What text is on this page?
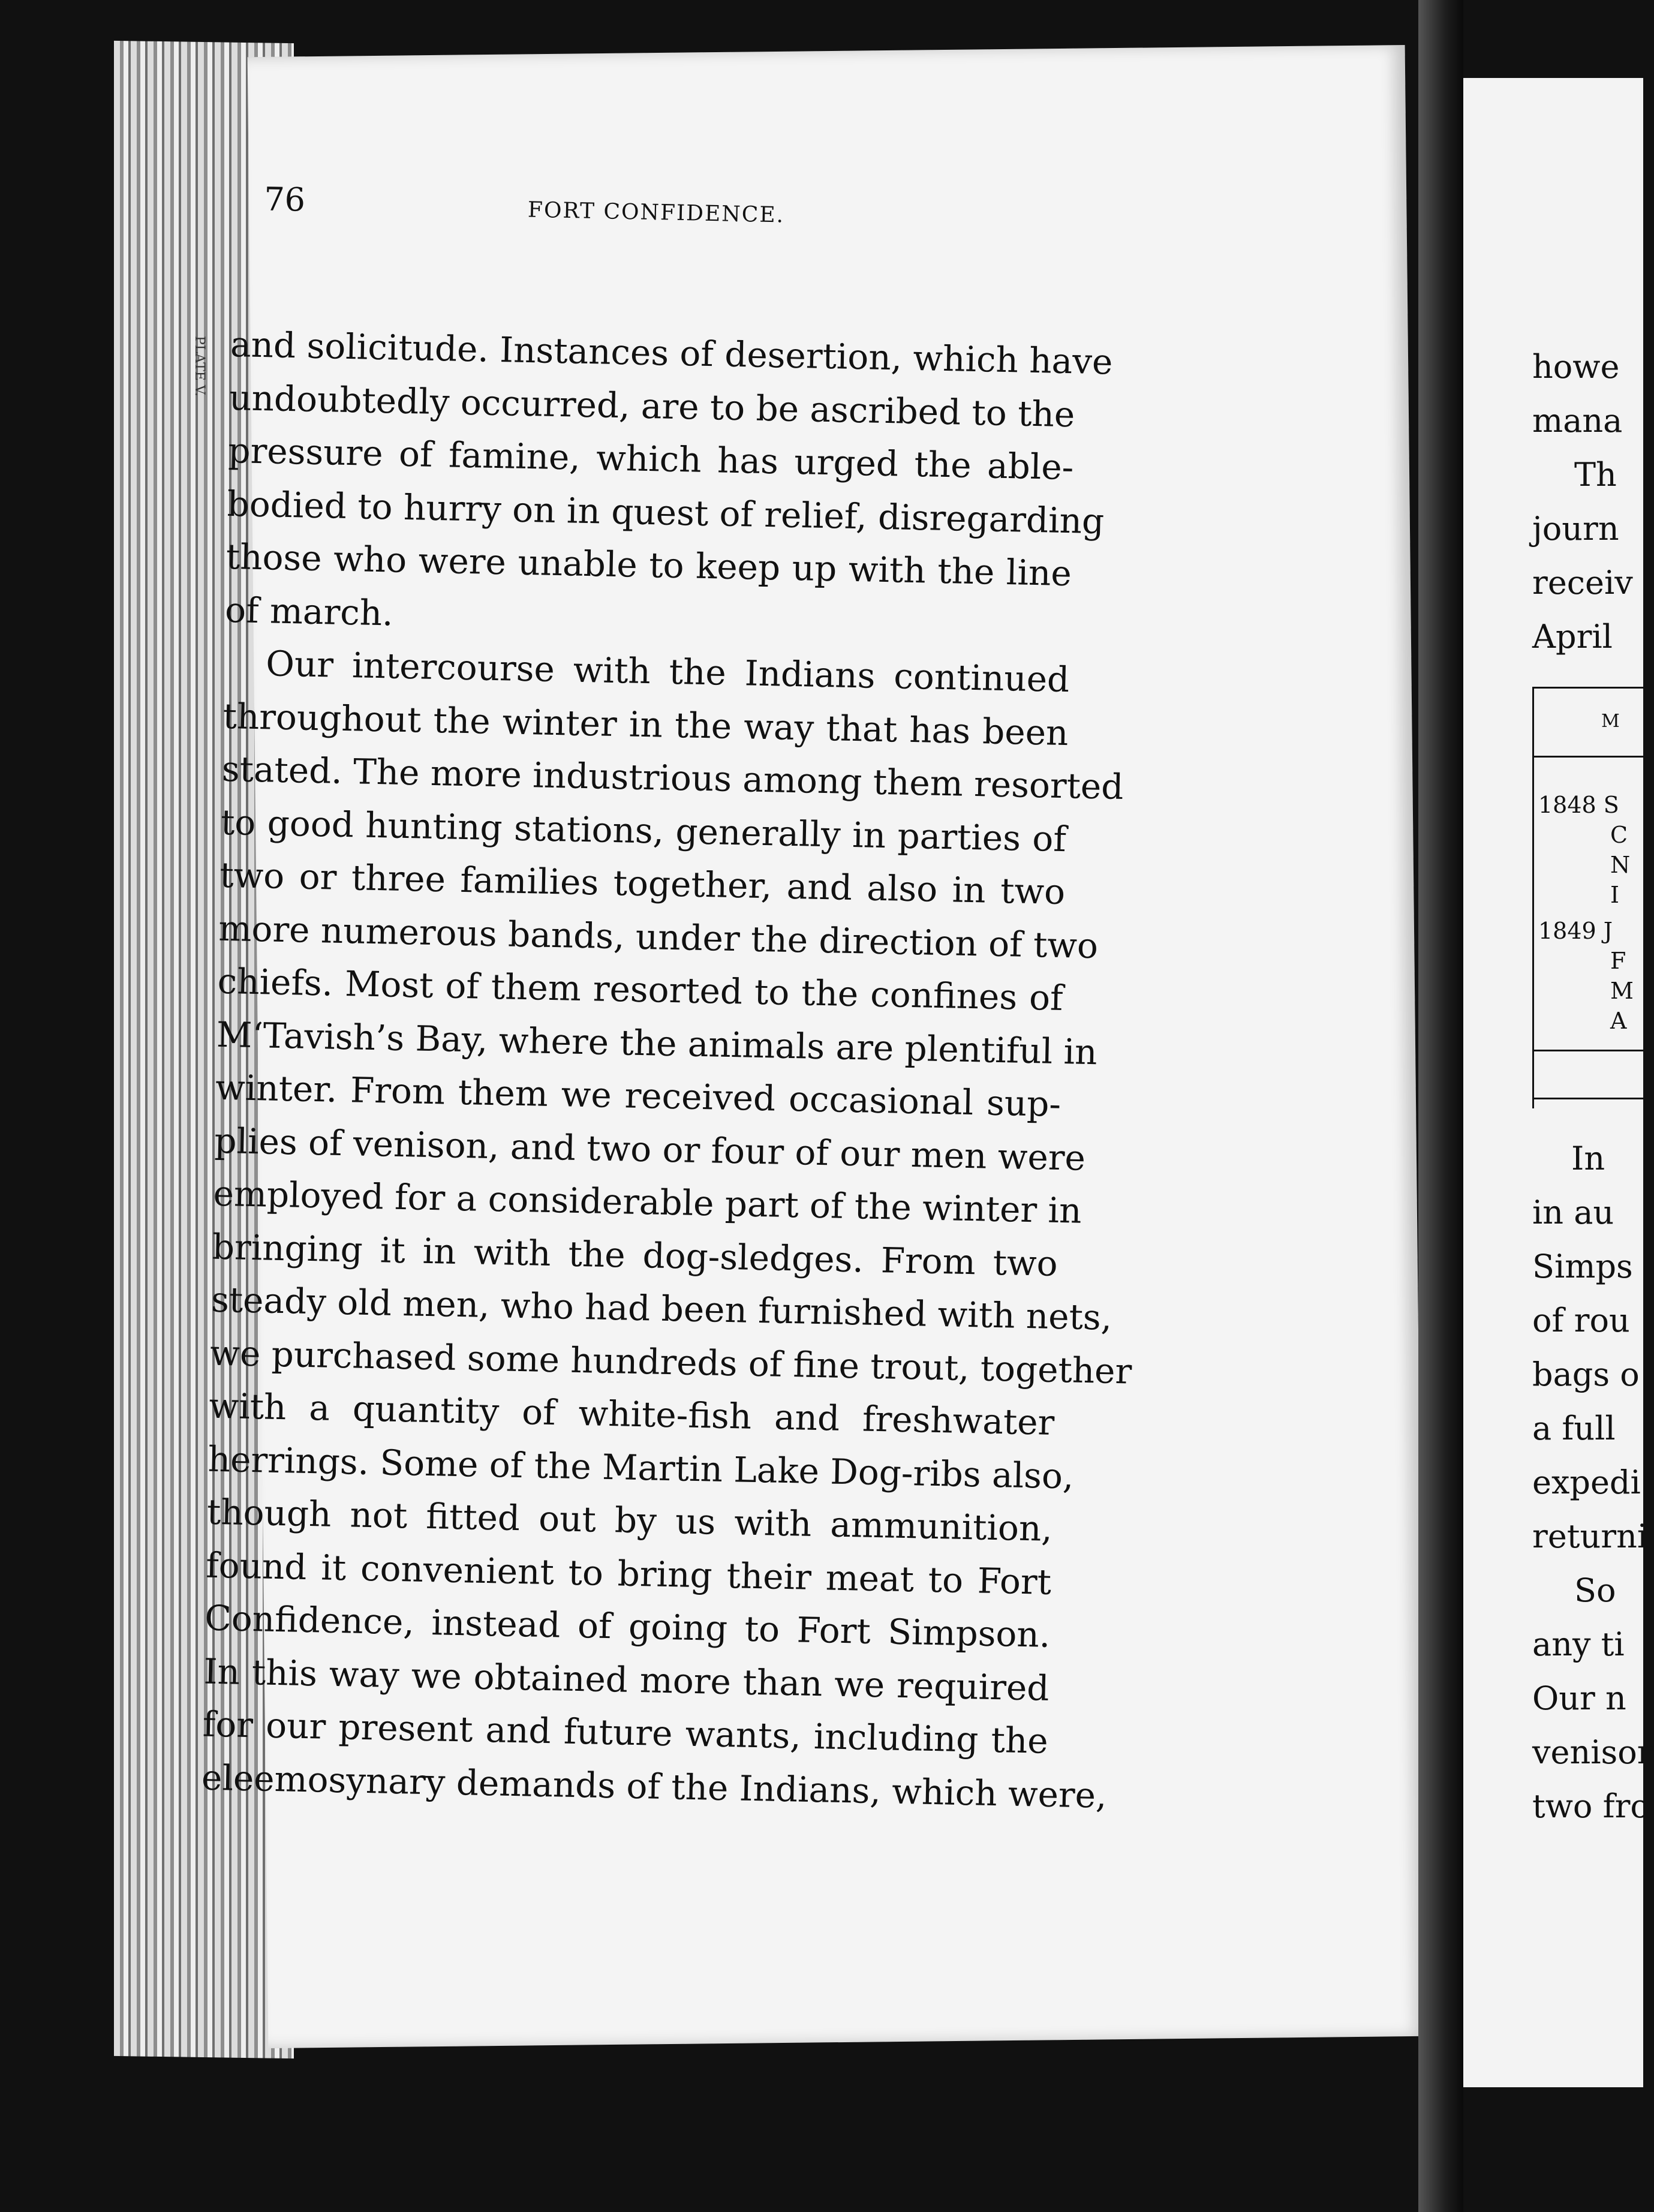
PLATE V.
76	FORT CONFIDENCE.
and solicitude. Instances of desertion, which have
undoubtedly occurred, are to be ascribed to the
pressure of famine, which has urged the able-
bodied to hurry on in quest of relief, disregarding
those who were unable to keep up with the line
of march.
Our intercourse with the Indians continued
throughout the winter in the way that has been
stated. The more industrious among them resorted
to good hunting stations, generally in parties of
two or three families together, and also in two
more numerous bands, under the direction of two
chiefs. Most of them resorted to the confines of
M‘Tavish’s Bay, where the animals are plentiful in
winter. From them we received occasional sup-
plies of venison, and two or four of our men were
employed for a considerable part of the winter in
bringing it in with the dog-sledges. From two
steady old men, who had been furnished with nets,
we purchased some hundreds of fine trout, together
with a quantity of white-fish and freshwater
herrings. Some of the Martin Lake Dog-ribs also,
though not fitted out by us with ammunition,
found it convenient to bring their meat to Fort
Confidence, instead of going to Fort Simpson.
In this way we obtained more than we required
for our present and future wants, including the
eleemosynary demands of the Indians, which were,
howe
mana
Th
journ
receiv
April
M
1848 S
C
N
I
1849 J
F
M
A
In
in au
Simps
of rou
bags o
a full
expedi
returni
So
any ti
Our n
venisor
two fro
